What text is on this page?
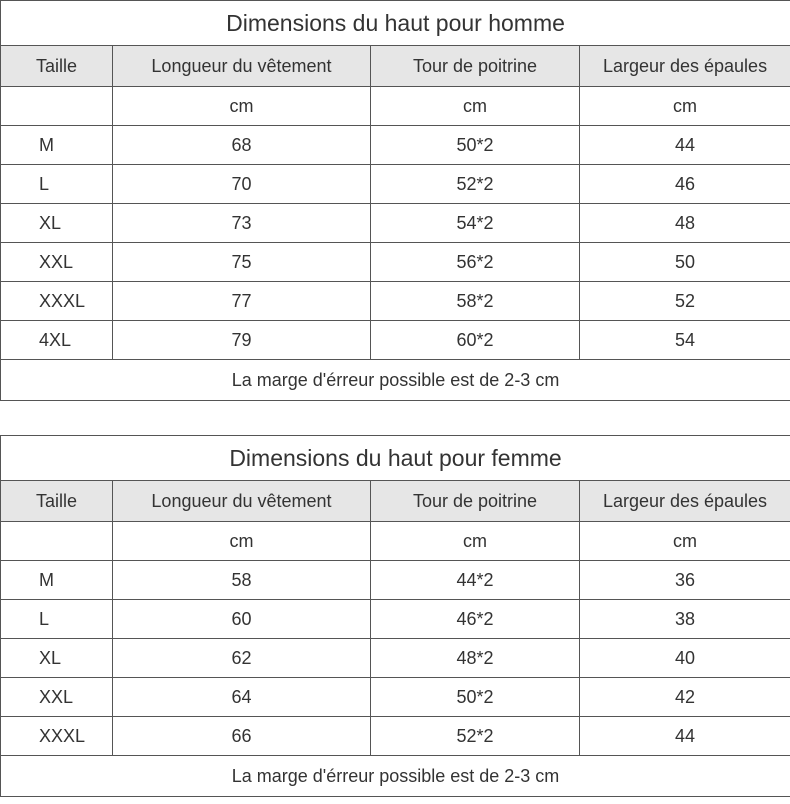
Dimensions du haut pour homme			
Taille	Longueur du vêtement	Tour de poitrine	Largeur des épaules
	cm	cm	cm
M	68	50*2	44
L	70	52*2	46
XL	73	54*2	48
XXL	75	56*2	50
XXXL	77	58*2	52
4XL	79	60*2	54
La marge d'érreur possible est de 2-3 cm			
Dimensions du haut pour femme			
Taille	Longueur du vêtement	Tour de poitrine	Largeur des épaules
	cm	cm	cm
M	58	44*2	36
L	60	46*2	38
XL	62	48*2	40
XXL	64	50*2	42
XXXL	66	52*2	44
La marge d'érreur possible est de 2-3 cm			
